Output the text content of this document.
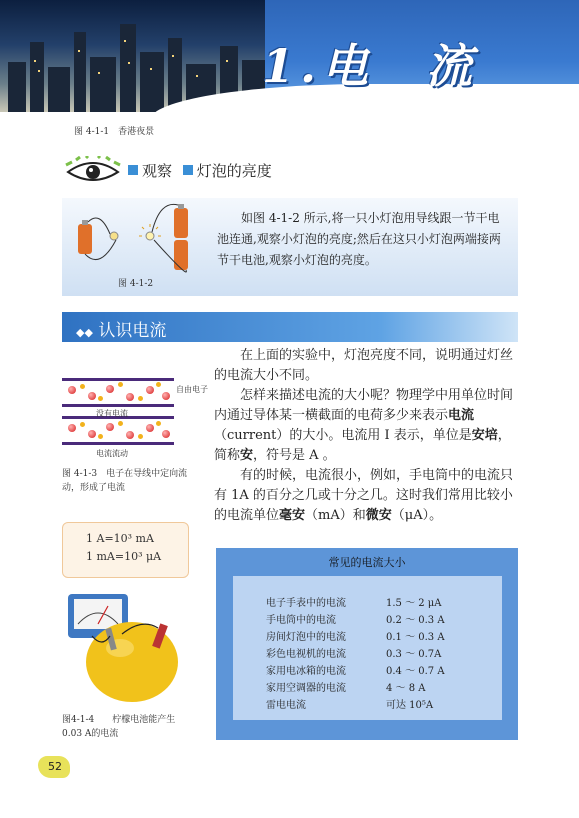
1.电　流
图 4-1-1　香港夜景
观察 灯泡的亮度
如图 4-1-2 所示,将一只小灯泡用导线跟一节干电池连通,观察小灯泡的亮度;然后在这只小灯泡两端接两节干电池,观察小灯泡的亮度。
图 4-1-2
◆◆ 认识电流

在上面的实验中，灯泡亮度不同，说明通过灯丝的电流大小不同。

怎样来描述电流的大小呢？物理学中用单位时间内通过导体某一横截面的电荷多少来表示电流（current）的大小。电流用 I 表示，单位是安培，简称安，符号是 A 。

有的时候，电流很小，例如，手电筒中的电流只有 1A 的百分之几或十分之几。这时我们常用比较小的电流单位毫安（mA）和微安（μA）。

自由电子
没有电流
电流流动
图 4-1-3　电子在导线中定向流
动，形成了电流
1 A=10³ mA
1 mA=10³ μA
图4-1-4　　柠檬电池能产生
0.03 A的电流
常见的电流大小
电子手表中的电流	1.5 ～ 2 μA
手电筒中的电流	0.2 ～ 0.3 A
房间灯泡中的电流	0.1 ～ 0.3 A
彩色电视机的电流	0.3 ～ 0.7A
家用电冰箱的电流	0.4 ～ 0.7 A
家用空调器的电流	4 ～ 8 A
雷电电流	可达 10⁵A
52
